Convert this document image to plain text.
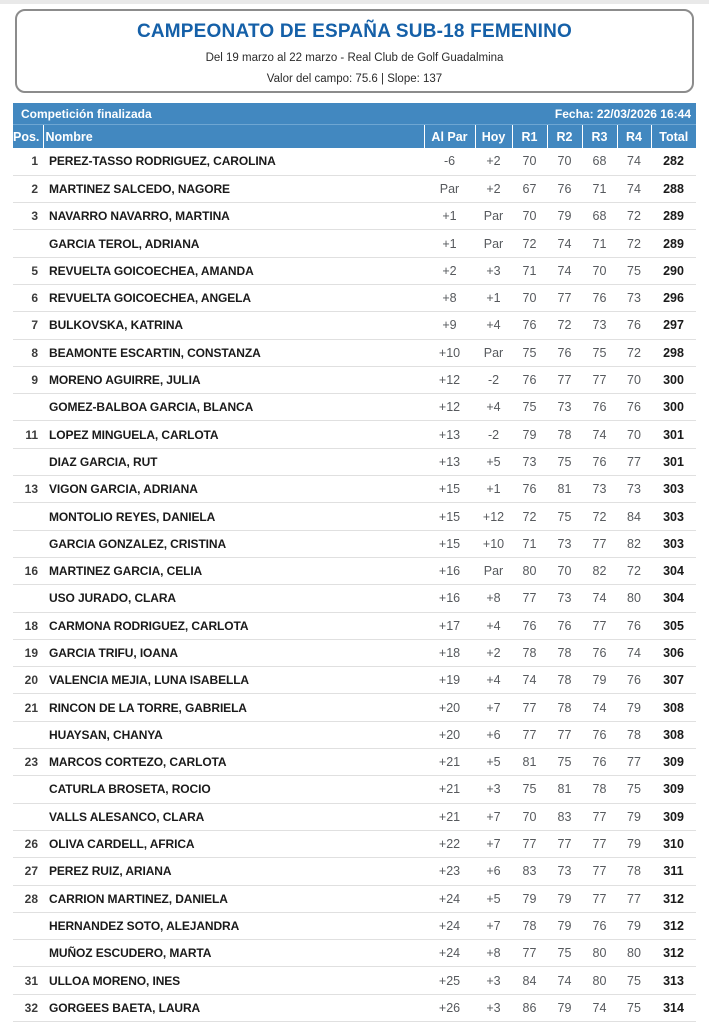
CAMPEONATO DE ESPAÑA SUB-18 FEMENINO
Del 19 marzo al 22 marzo - Real Club de Golf Guadalmina
Valor del campo: 75.6 | Slope: 137
Competición finalizada	Fecha: 22/03/2026 16:44
Pos.	Nombre	Al Par	Hoy	R1	R2	R3	R4	Total
1	PEREZ-TASSO RODRIGUEZ, CAROLINA	-6	+2	70	70	68	74	282
2	MARTINEZ SALCEDO, NAGORE	Par	+2	67	76	71	74	288
3	NAVARRO NAVARRO, MARTINA	+1	Par	70	79	68	72	289
	GARCIA TEROL, ADRIANA	+1	Par	72	74	71	72	289
5	REVUELTA GOICOECHEA, AMANDA	+2	+3	71	74	70	75	290
6	REVUELTA GOICOECHEA, ANGELA	+8	+1	70	77	76	73	296
7	BULKOVSKA, KATRINA	+9	+4	76	72	73	76	297
8	BEAMONTE ESCARTIN, CONSTANZA	+10	Par	75	76	75	72	298
9	MORENO AGUIRRE, JULIA	+12	-2	76	77	77	70	300
	GOMEZ-BALBOA GARCIA, BLANCA	+12	+4	75	73	76	76	300
11	LOPEZ MINGUELA, CARLOTA	+13	-2	79	78	74	70	301
	DIAZ GARCIA, RUT	+13	+5	73	75	76	77	301
13	VIGON GARCIA, ADRIANA	+15	+1	76	81	73	73	303
	MONTOLIO REYES, DANIELA	+15	+12	72	75	72	84	303
	GARCIA GONZALEZ, CRISTINA	+15	+10	71	73	77	82	303
16	MARTINEZ GARCIA, CELIA	+16	Par	80	70	82	72	304
	USO JURADO, CLARA	+16	+8	77	73	74	80	304
18	CARMONA RODRIGUEZ, CARLOTA	+17	+4	76	76	77	76	305
19	GARCIA TRIFU, IOANA	+18	+2	78	78	76	74	306
20	VALENCIA MEJIA, LUNA ISABELLA	+19	+4	74	78	79	76	307
21	RINCON DE LA TORRE, GABRIELA	+20	+7	77	78	74	79	308
	HUAYSAN, CHANYA	+20	+6	77	77	76	78	308
23	MARCOS CORTEZO, CARLOTA	+21	+5	81	75	76	77	309
	CATURLA BROSETA, ROCIO	+21	+3	75	81	78	75	309
	VALLS ALESANCO, CLARA	+21	+7	70	83	77	79	309
26	OLIVA CARDELL, AFRICA	+22	+7	77	77	77	79	310
27	PEREZ RUIZ, ARIANA	+23	+6	83	73	77	78	311
28	CARRION MARTINEZ, DANIELA	+24	+5	79	79	77	77	312
	HERNANDEZ SOTO, ALEJANDRA	+24	+7	78	79	76	79	312
	MUÑOZ ESCUDERO, MARTA	+24	+8	77	75	80	80	312
31	ULLOA MORENO, INES	+25	+3	84	74	80	75	313
32	GORGEES BAETA, LAURA	+26	+3	86	79	74	75	314
